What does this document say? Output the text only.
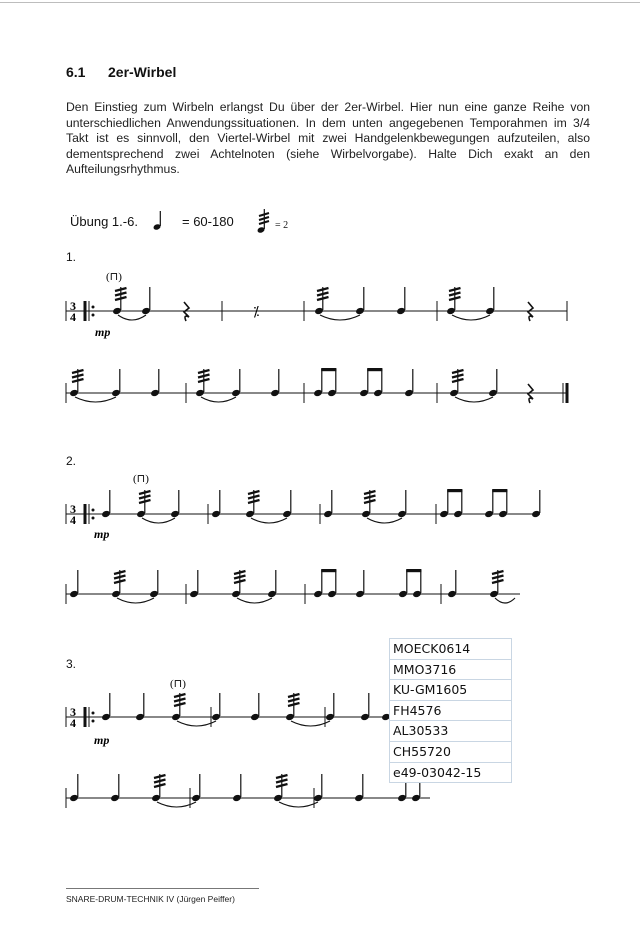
6.1 2er-Wirbel
Den Einstieg zum Wirbeln erlangst Du über der 2er-Wirbel. Hier nun eine ganze Reihe von
unterschiedlichen Anwendungssituationen. In dem unten angegebenen Temporahmen im 3/4
Takt ist es sinnvoll, den Viertel-Wirbel mit zwei Handgelenkbewegungen aufzuteilen, also
dementsprechend zwei Achtelnoten (siehe Wirbelvorgabe). Halte Dich exakt an den
Aufteilungsrhythmus.
Übung 1.-6.	= 60-180	= 2
1.
2.
3.
3
4
(⊓)
⁒
mp
3
4
(⊓)
mp
3
4
(⊓)
mp
MOECK0614
MMO3716
KU-GM1605
FH4576
AL30533
CH55720
e49-03042-15
SNARE-DRUM-TECHNIK IV (Jürgen Peiffer)
